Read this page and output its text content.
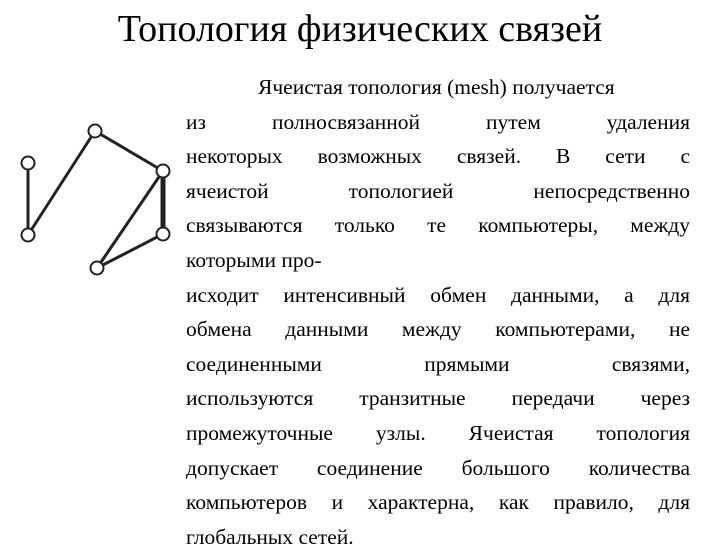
Топология физических связей
Ячеистая топология (mesh) получается
из полносвязанной путем удаления
некоторых возможных связей. В сети с
ячеистой топологией непосредственно
связываются только те компьютеры, между
которыми про-
исходит интенсивный обмен данными, а для
обмена данными между компьютерами, не
соединенными прямыми связями,
используются транзитные передачи через
промежуточные узлы. Ячеистая топология
допускает соединение большого количества
компьютеров и характерна, как правило, для
глобальных сетей.
